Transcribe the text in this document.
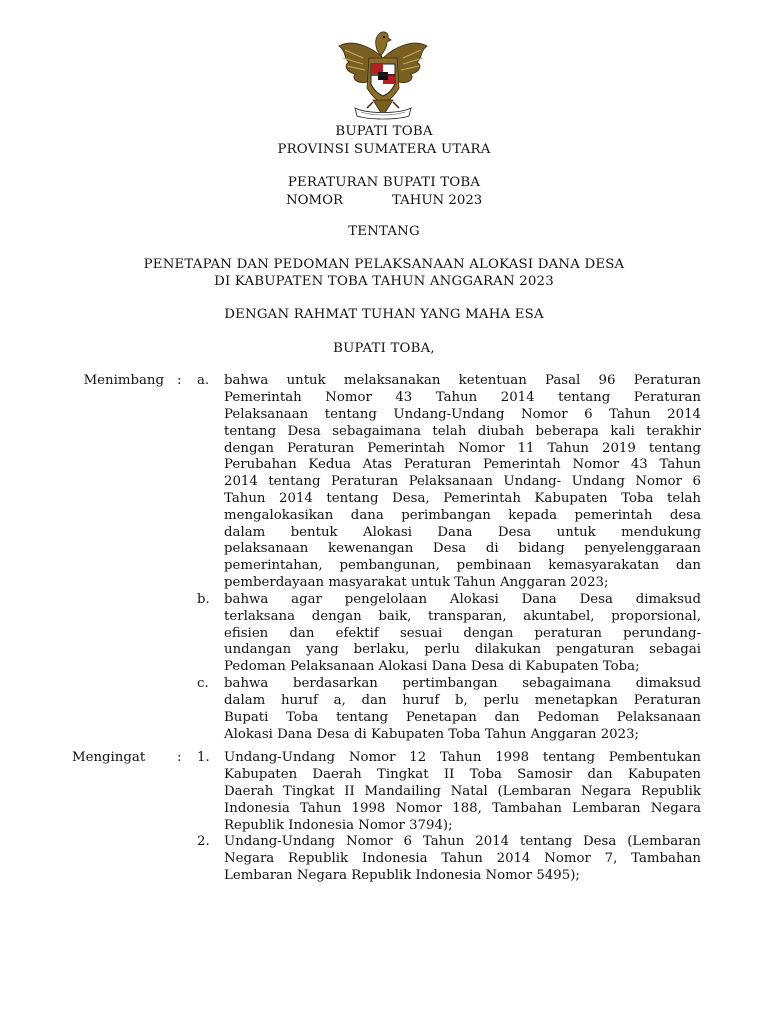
BUPATI TOBA
PROVINSI SUMATERA UTARA
PERATURAN BUPATI TOBA
NOMOR	TAHUN 2023
TENTANG
PENETAPAN DAN PEDOMAN PELAKSANAAN ALOKASI DANA DESA
DI KABUPATEN TOBA TAHUN ANGGARAN 2023
DENGAN RAHMAT TUHAN YANG MAHA ESA
BUPATI TOBA,
Menimbang : a. bahwa untuk melaksanakan ketentuan Pasal 96 Peraturan
Pemerintah Nomor 43 Tahun 2014 tentang Peraturan
Pelaksanaan tentang Undang-Undang Nomor 6 Tahun 2014
tentang Desa sebagaimana telah diubah beberapa kali terakhir
dengan Peraturan Pemerintah Nomor 11 Tahun 2019 tentang
Perubahan Kedua Atas Peraturan Pemerintah Nomor 43 Tahun
2014 tentang Peraturan Pelaksanaan Undang- Undang Nomor 6
Tahun 2014 tentang Desa, Pemerintah Kabupaten Toba telah
mengalokasikan dana perimbangan kepada pemerintah desa
dalam bentuk Alokasi Dana Desa untuk mendukung
pelaksanaan kewenangan Desa di bidang penyelenggaraan
pemerintahan, pembangunan, pembinaan kemasyarakatan dan
pemberdayaan masyarakat untuk Tahun Anggaran 2023;
b. bahwa agar pengelolaan Alokasi Dana Desa dimaksud
terlaksana dengan baik, transparan, akuntabel, proporsional,
efisien dan efektif sesuai dengan peraturan perundang-
undangan yang berlaku, perlu dilakukan pengaturan sebagai
Pedoman Pelaksanaan Alokasi Dana Desa di Kabupaten Toba;
c. bahwa berdasarkan pertimbangan sebagaimana dimaksud
dalam huruf a, dan huruf b, perlu menetapkan Peraturan
Bupati Toba tentang Penetapan dan Pedoman Pelaksanaan
Alokasi Dana Desa di Kabupaten Toba Tahun Anggaran 2023;
Mengingat	: 1. Undang-Undang Nomor 12 Tahun 1998 tentang Pembentukan
Kabupaten Daerah Tingkat II Toba Samosir dan Kabupaten
Daerah Tingkat II Mandailing Natal (Lembaran Negara Republik
Indonesia Tahun 1998 Nomor 188, Tambahan Lembaran Negara
Republik Indonesia Nomor 3794);
2. Undang-Undang Nomor 6 Tahun 2014 tentang Desa (Lembaran
Negara Republik Indonesia Tahun 2014 Nomor 7, Tambahan
Lembaran Negara Republik Indonesia Nomor 5495);
